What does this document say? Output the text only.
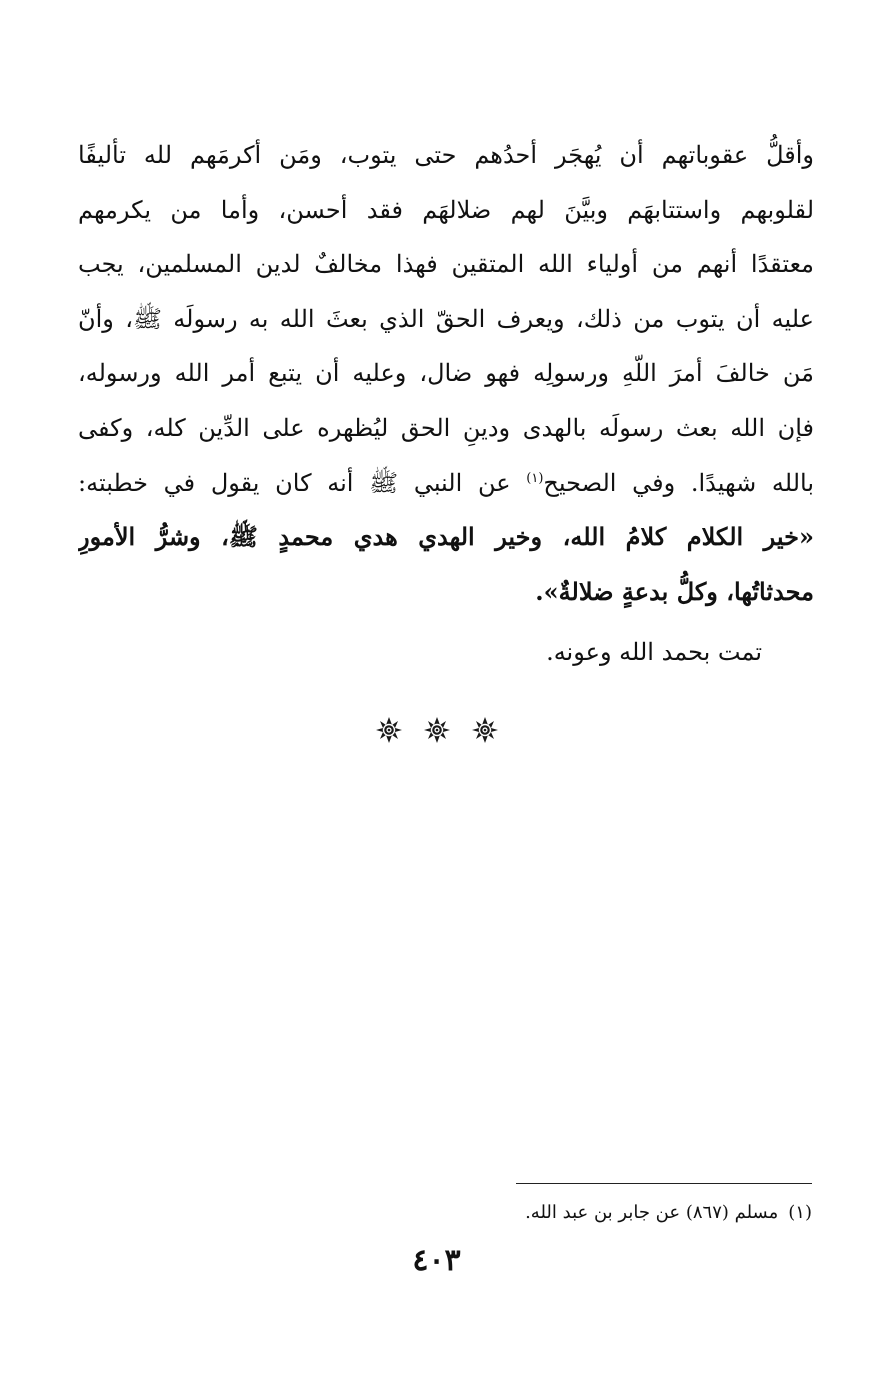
وأقلُّ عقوباتهم أن يُهجَر أحدُهم حتى يتوب، ومَن أكرمَهم لله تأليفًا
لقلوبهم واستتابهَم وبيَّنَ لهم ضلالهَم فقد أحسن، وأما من يكرمهم
معتقدًا أنهم من أولياء الله المتقين فهذا مخالفٌ لدين المسلمين، يجب
عليه أن يتوب من ذلك، ويعرف الحقّ الذي بعثَ الله به رسولَه ﷺ، وأنّ
مَن خالفَ أمرَ اللّهِ ورسولِه فهو ضال، وعليه أن يتبع أمر الله ورسوله،
فإن الله بعث رسولَه بالهدى ودينِ الحق ليُظهره على الدِّين كله، وكفى
بالله شهيدًا. وفي الصحيح$^{(١)}$ عن النبي ﷺ أنه كان يقول في خطبته:
«خير الكلام كلامُ الله، وخير الهدي هدي محمدٍ ﷺ، وشرُّ الأمورِ
محدثاتُها، وكلُّ بدعةٍ ضلالةٌ».
تمت بحمد الله وعونه.
(١)مسلم (٨٦٧) عن جابر بن عبد الله.
٤٠٣
